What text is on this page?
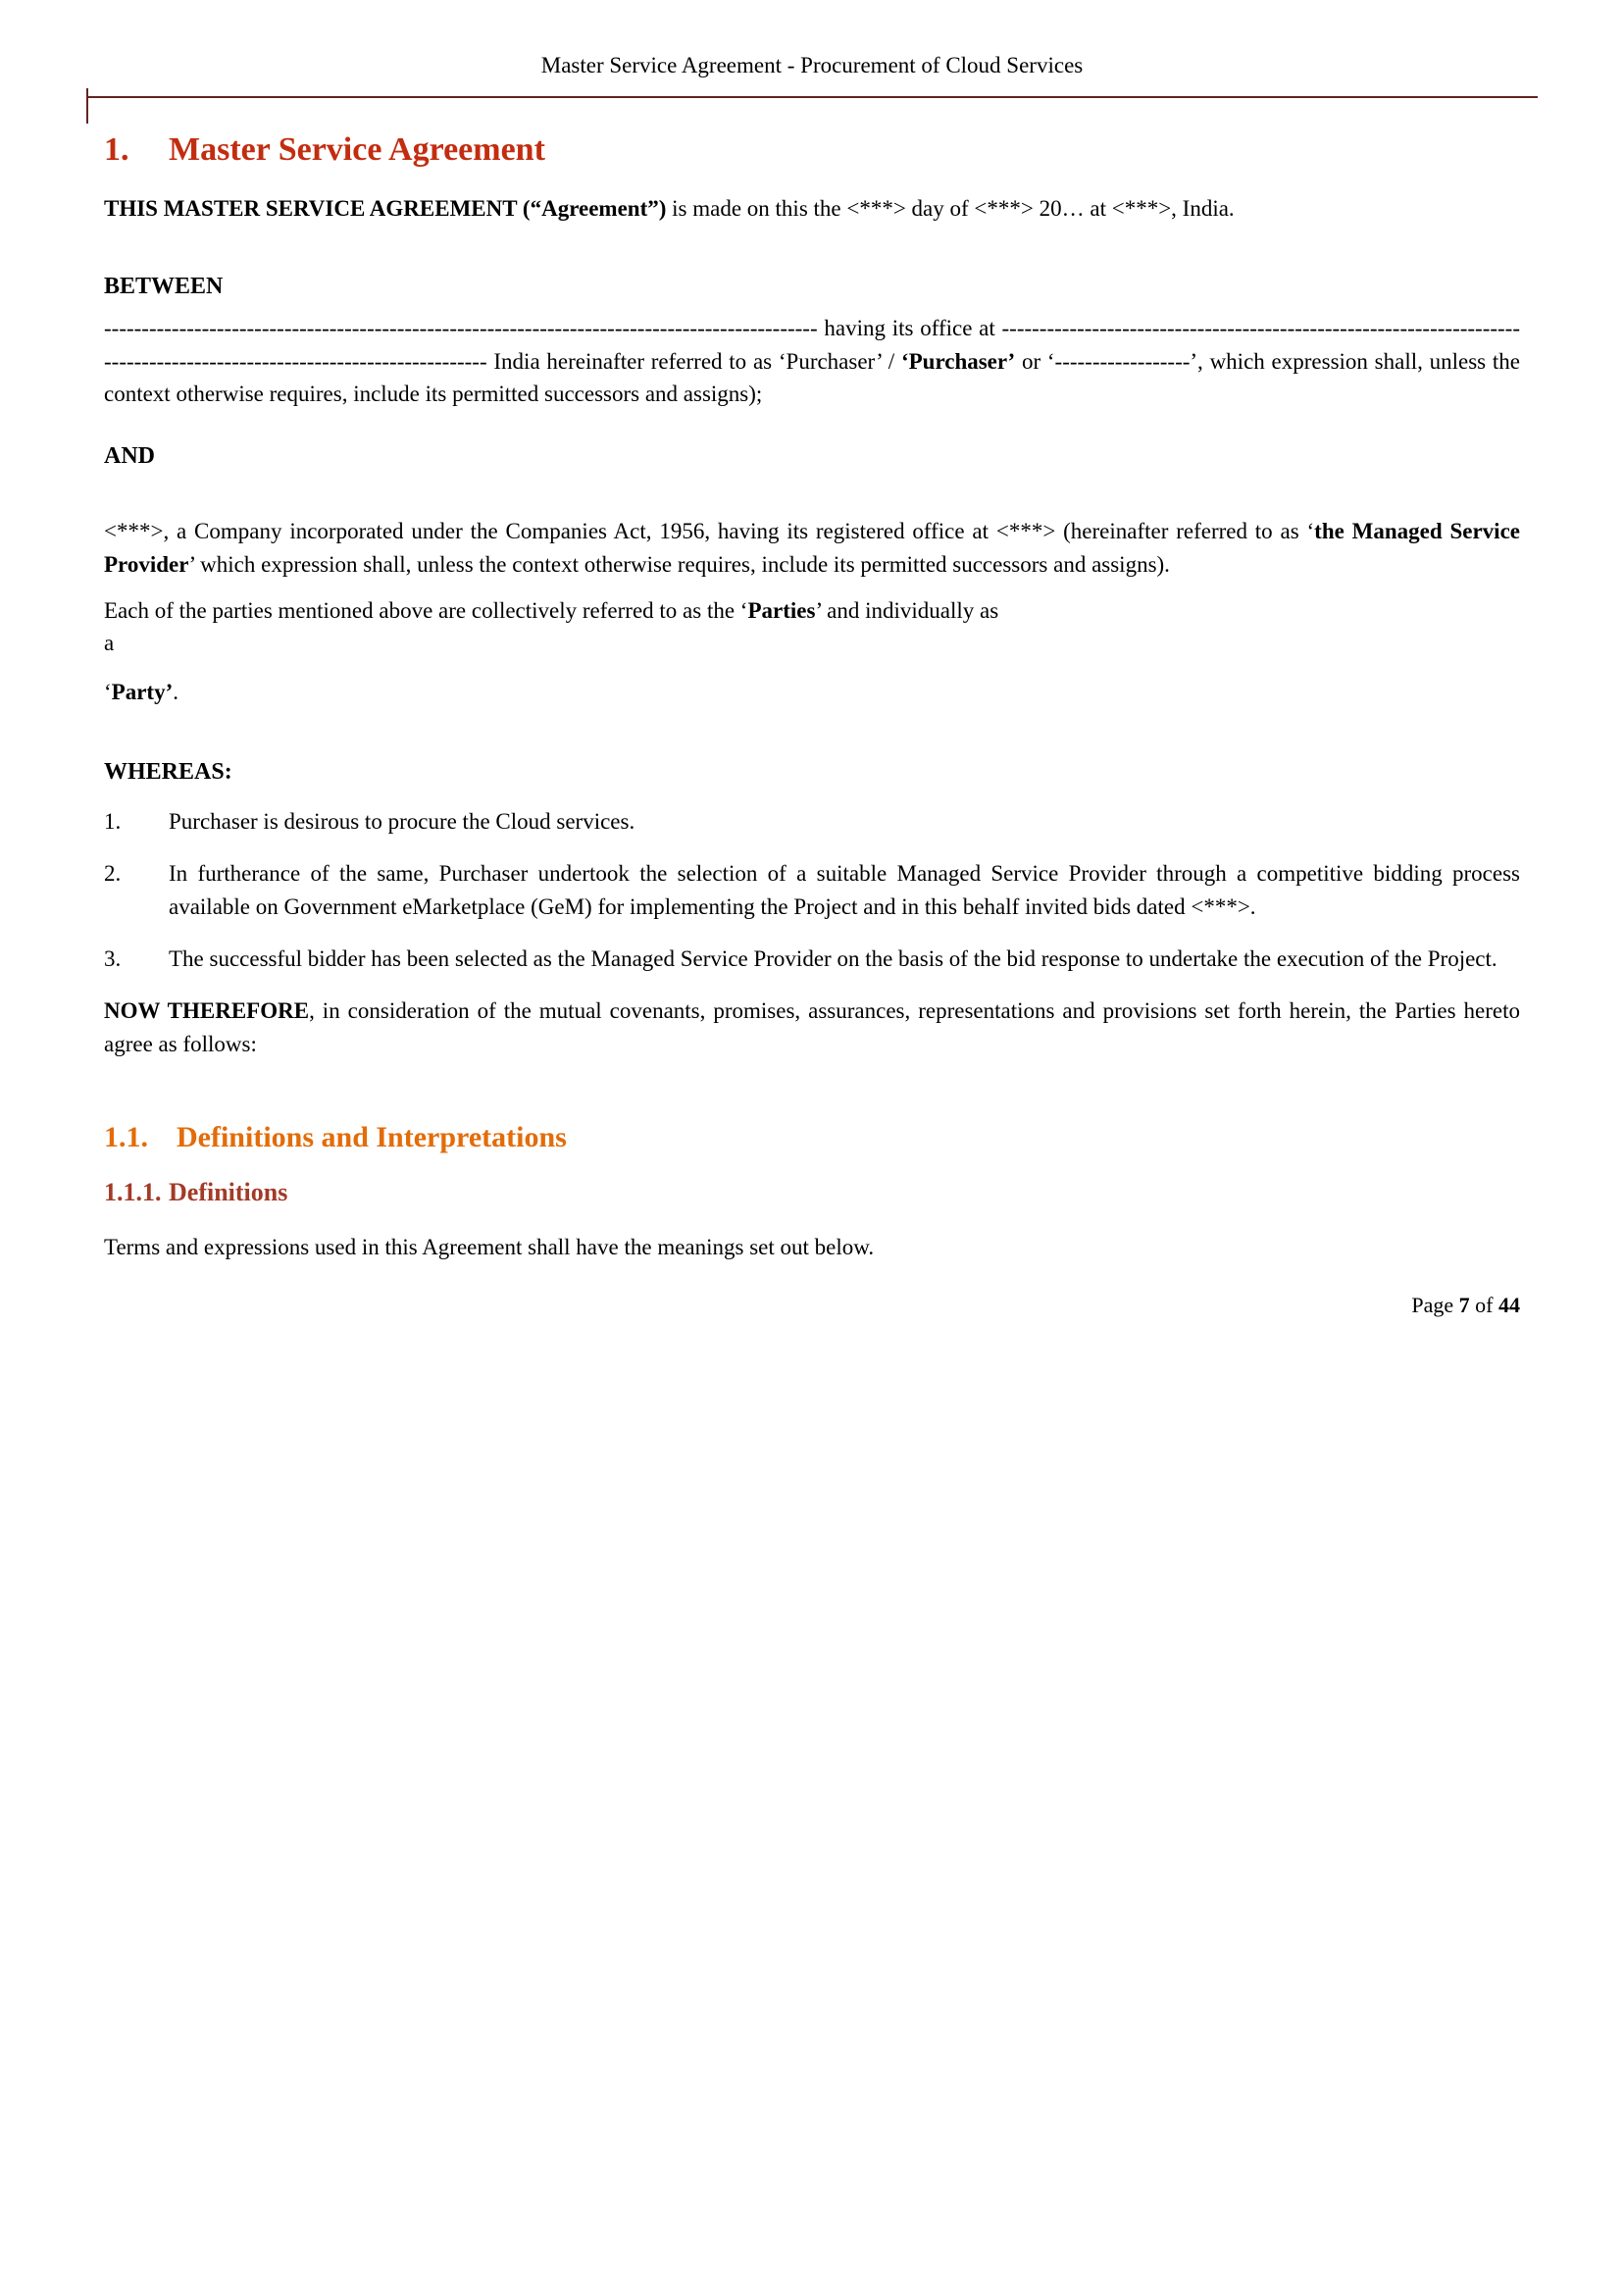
Master Service Agreement - Procurement of Cloud Services
1. Master Service Agreement

THIS MASTER SERVICE AGREEMENT (“Agreement”) is made on this the <***> day of <***> 20… at <***>, India.

BETWEEN

----------------------------------------------------------------------------------------------- having its office at ------------------------------------------------------------------------------------------------------------------------ India hereinafter referred to as ‘Purchaser’ / ‘Purchaser’ or ‘------------------’, which expression shall, unless the context otherwise requires, include its permitted successors and assigns);

AND

<***>, a Company incorporated under the Companies Act, 1956, having its registered office at <***> (hereinafter referred to as ‘the Managed Service Provider’ which expression shall, unless the context otherwise requires, include its permitted successors and assigns).

Each of the parties mentioned above are collectively referred to as the ‘Parties’ and individually as
a

‘Party’.

WHEREAS:

1.	Purchaser is desirous to procure the Cloud services.
2.	In furtherance of the same, Purchaser undertook the selection of a suitable Managed Service Provider through a competitive bidding process available on Government eMarketplace (GeM) for implementing the Project and in this behalf invited bids dated <***>.
3.	The successful bidder has been selected as the Managed Service Provider on the basis of the bid response to undertake the execution of the Project.

NOW THEREFORE, in consideration of the mutual covenants, promises, assurances, representations and provisions set forth herein, the Parties hereto agree as follows:

1.1. Definitions and Interpretations
1.1.1. Definitions

Terms and expressions used in this Agreement shall have the meanings set out below.

Page 7 of 44
